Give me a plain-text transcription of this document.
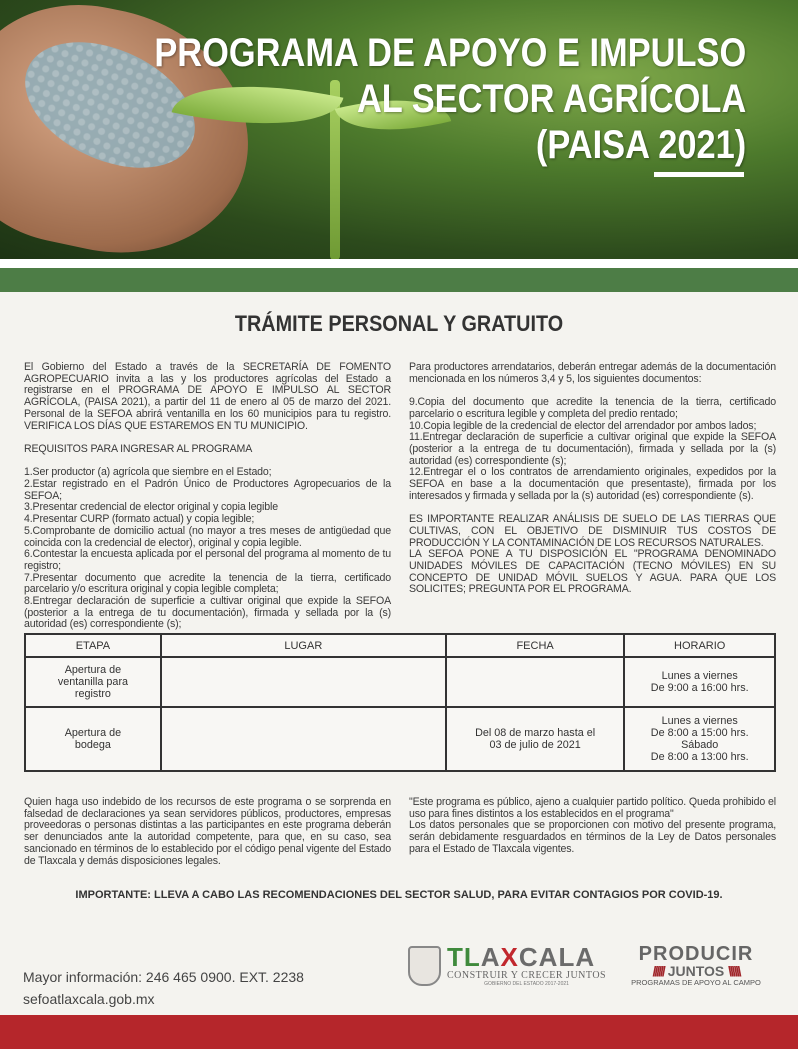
PROGRAMA DE APOYO E IMPULSO
AL SECTOR AGRÍCOLA
(PAISA 2021)
TRÁMITE PERSONAL Y GRATUITO

El Gobierno del Estado a través de la SECRETARÍA DE FOMENTO AGROPECUARIO invita a las y los productores agrícolas del Estado a registrarse en el PROGRAMA DE APOYO E IMPULSO AL SECTOR AGRÍCOLA, (PAISA 2021), a partir del 11 de enero al 05 de marzo del 2021. Personal de la SEFOA abrirá ventanilla en los 60 municipios para tu registro. VERIFICA LOS DÍAS QUE ESTAREMOS EN TU MUNICIPIO.

REQUISITOS PARA INGRESAR AL PROGRAMA

1.Ser productor (a) agrícola que siembre en el Estado;

2.Estar registrado en el Padrón Único de Productores Agropecuarios de la SEFOA;

3.Presentar credencial de elector original y copia legible

4.Presentar CURP (formato actual) y copia legible;

5.Comprobante de domicilio actual (no mayor a tres meses de antigüedad que coincida con la credencial de elector), original y copia legible.

6.Contestar la encuesta aplicada por el personal del programa al momento de tu registro;

7.Presentar documento que acredite la tenencia de la tierra, certificado parcelario y/o escritura original y copia legible completa;

8.Entregar declaración de superficie a cultivar original que expide la SEFOA (posterior a la entrega de tu documentación), firmada y sellada por la (s) autoridad (es) correspondiente (s);

Para productores arrendatarios, deberán entregar además de la documentación mencionada en los números 3,4 y 5, los siguientes documentos:

9.Copia del documento que acredite la tenencia de la tierra, certificado parcelario o escritura legible y completa del predio rentado;

10.Copia legible de la credencial de elector del arrendador por ambos lados;

11.Entregar declaración de superficie a cultivar original que expide la SEFOA (posterior a la entrega de tu documentación), firmada y sellada por la (s) autoridad (es) correspondiente (s);

12.Entregar el o los contratos de arrendamiento originales, expedidos por la SEFOA en base a la documentación que presentaste), firmada por los interesados y firmada y sellada por la (s) autoridad (es) correspondiente (s).

ES IMPORTANTE REALIZAR ANÁLISIS DE SUELO DE LAS TIERRAS QUE CULTIVAS, CON EL OBJETIVO DE DISMINUIR TUS COSTOS DE PRODUCCIÓN Y LA CONTAMINACIÓN DE LOS RECURSOS NATURALES.

LA SEFOA PONE A TU DISPOSICIÓN EL "PROGRAMA DENOMINADO UNIDADES MÓVILES DE CAPACITACIÓN (TECNO MÓVILES) EN SU CONCEPTO DE UNIDAD MÓVIL SUELOS Y AGUA. PARA QUE LOS SOLICITES; PREGUNTA POR EL PROGRAMA.

ETAPA	LUGAR	FECHA	HORARIO
Apertura de ventanilla para registro			Lunes a viernes
De 9:00 a 16:00 hrs.

Apertura de bodega		Del 08 de marzo hasta el 03 de julio de 2021	Lunes a viernes
De 8:00 a 15:00 hrs.
Sábado
De 8:00 a 13:00 hrs.

Quien haga uso indebido de los recursos de este programa o se sorprenda en falsedad de declaraciones ya sean servidores públicos, productores, empresas proveedoras o personas distintas a las participantes en este programa deberán ser denunciados ante la autoridad competente, para que, en su caso, sea sancionado en términos de lo establecido por el código penal vigente del Estado de Tlaxcala y demás disposiciones legales.

"Este programa es público, ajeno a cualquier partido político. Queda prohibido el uso para fines distintos a los establecidos en el programa"

Los datos personales que se proporcionen con motivo del presente programa, serán debidamente resguardados en términos de la Ley de Datos personales para el Estado de Tlaxcala vigentes.

IMPORTANTE: LLEVA A CABO LAS RECOMENDACIONES DEL SECTOR SALUD, PARA EVITAR CONTAGIOS POR COVID-19.
Mayor información: 246 465 0900. EXT. 2238
sefoatlaxcala.gob.mx
TLAXCALA
CONSTRUIR Y CRECER JUNTOS
GOBIERNO DEL ESTADO 2017-2021
PRODUCIR
////// JUNTOS \\\\\\
PROGRAMAS DE APOYO AL CAMPO
